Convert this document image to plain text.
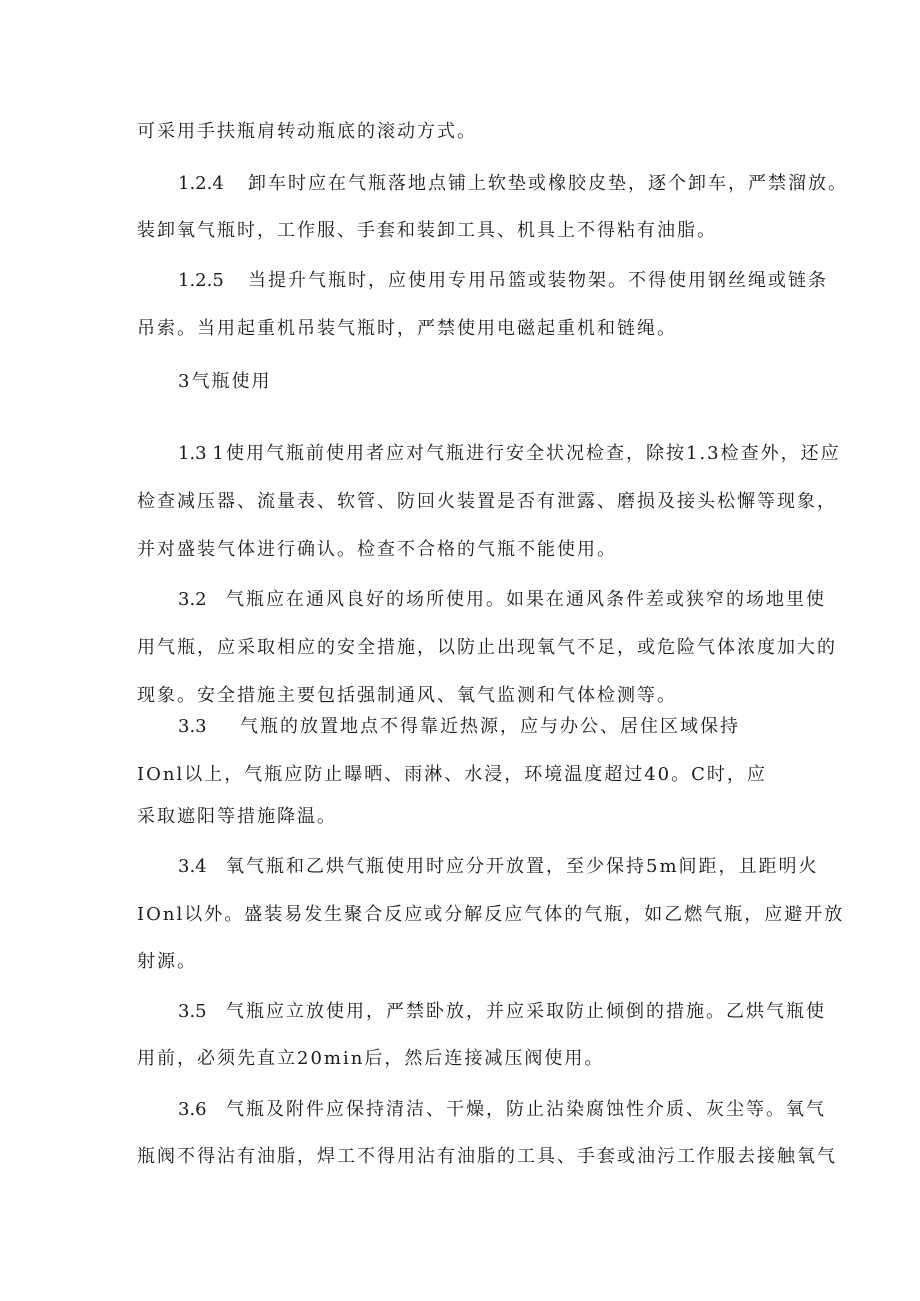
可采用手扶瓶肩转动瓶底的滚动方式。
1.2.4 卸车时应在气瓶落地点铺上软垫或橡胶皮垫，逐个卸车，严禁溜放。
装卸氧气瓶时，工作服、手套和装卸工具、机具上不得粘有油脂。
1.2.5 当提升气瓶时，应使用专用吊篮或装物架。不得使用钢丝绳或链条
吊索。当用起重机吊装气瓶时，严禁使用电磁起重机和链绳。
3气瓶使用
1.3 1 使用气瓶前使用者应对气瓶进行安全状况检查，除按1.3检查外，还应
检查减压器、流量表、软管、防回火装置是否有泄露、磨损及接头松懈等现象，
并对盛装气体进行确认。检查不合格的气瓶不能使用。
3.2 气瓶应在通风良好的场所使用。如果在通风条件差或狭窄的场地里使
用气瓶，应采取相应的安全措施，以防止出现氧气不足，或危险气体浓度加大的
现象。安全措施主要包括强制通风、氧气监测和气体检测等。
3.3 气瓶的放置地点不得靠近热源，应与办公、居住区域保持
IOnl以上，气瓶应防止曝晒、雨淋、水浸，环境温度超过40。C时，应
采取遮阳等措施降温。
3.4 氧气瓶和乙烘气瓶使用时应分开放置，至少保持5m间距，且距明火
IOnl以外。盛装易发生聚合反应或分解反应气体的气瓶，如乙燃气瓶，应避开放
射源。
3.5 气瓶应立放使用，严禁卧放，并应采取防止倾倒的措施。乙烘气瓶使
用前，必须先直立20min后，然后连接减压阀使用。
3.6 气瓶及附件应保持清洁、干燥，防止沾染腐蚀性介质、灰尘等。氧气
瓶阀不得沾有油脂，焊工不得用沾有油脂的工具、手套或油污工作服去接触氧气
